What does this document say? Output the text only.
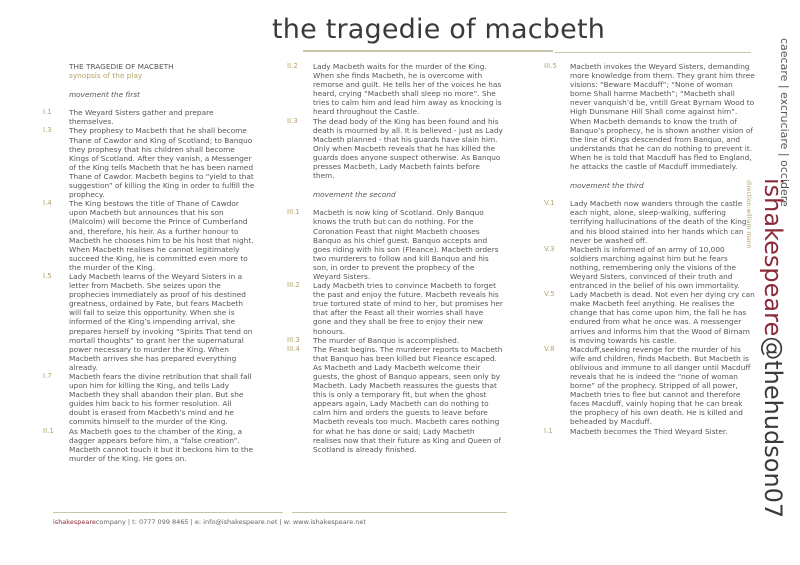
the tragedie of macbeth
THE TRAGEDIE OF MACBETH
synopsis of the play
movement the first
I.1 The Weyard Sisters gather and prepare themselves.
I.3 They prophesy to Macbeth that he shall become Thane of Cawdor and King of Scotland; to Banquo they prophesy that his children shall become Kings of Scotland. After they vanish, a Messenger of the King tells Macbeth that he has been named Thane of Cawdor. Macbeth begins to “yield to that suggestion” of killing the King in order to fulfill the prophecy.
I.4 The King bestows the title of Thane of Cawdor upon Macbeth but announces that his son (Malcolm) will become the Prince of Cumberland and, therefore, his heir. As a further honour to Macbeth he chooses him to be his host that night. When Macbeth realises he cannot legitimately succeed the King, he is committed even more to the murder of the King.
I.5 Lady Macbeth learns of the Weyard Sisters in a letter from Macbeth. She seizes upon the prophecies immediately as proof of his destined greatness, ordained by Fate, but fears Macbeth will fail to seize this opportunity. When she is informed of the King’s impending arrival, she prepares herself by invoking “Spirits That tend on mortall thoughts” to grant her the supernatural power necessary to murder the King. When Macbeth arrives she has prepared everything already.
I.7 Macbeth fears the divine retribution that shall fall upon him for killing the King, and tells Lady Macbeth they shall abandon their plan. But she guides him back to his former resolution. All doubt is erased from Macbeth’s mind and he commits himself to the murder of the King.
II.1 As Macbeth goes to the chamber of the King, a dagger appears before him, a “false creation”. Macbeth cannot touch it but it beckons him to the murder of the King. He goes on.
II.2 Lady Macbeth waits for the murder of the King. When she finds Macbeth, he is overcome with remorse and guilt. He tells her of the voices he has heard, crying “Macbeth shall sleep no more”. She tries to calm him and lead him away as knocking is heard throughout the Castle.
II.3 The dead body of the King has been found and his death is mourned by all. It is believed - just as Lady Macbeth planned - that his guards have slain him. Only when Macbeth reveals that he has killed the guards does anyone suspect otherwise. As Banquo presses Macbeth, Lady Macbeth faints before them.
movement the second
III.1 Macbeth is now king of Scotland. Only Banquo knows the truth but can do nothing. For the Coronation Feast that night Macbeth chooses Banquo as his chief guest. Banquo accepts and goes riding with his son (Fleance). Macbeth orders two murderers to follow and kill Banquo and his son, in order to prevent the prophecy of the Weyard Sisters.
III.2 Lady Macbeth tries to convince Macbeth to forget the past and enjoy the future. Macbeth reveals his true tortured state of mind to her, but promises her that after the Feast all their worries shall have gone and they shall be free to enjoy their new honours.
III.3 The murder of Banquo is accomplished.
III.4 The Feast begins. The murderer reports to Macbeth that Banquo has been killed but Fleance escaped. As Macbeth and Lady Macbeth welcome their guests, the ghost of Banquo appears, seen only by Macbeth. Lady Macbeth reassures the guests that this is only a temporary fit, but when the ghost appears again, Lady Macbeth can do nothing to calm him and orders the guests to leave before Macbeth reveals too much. Macbeth cares nothing for what he has done or said; Lady Macbeth realises now that their future as King and Queen of Scotland is already finished.
III.5 Macbeth invokes the Weyard Sisters, demanding more knowledge from them. They grant him three visions: “Beware Macduff”; “None of woman borne Shall harme Macbeth”; “Macbeth shall never vanquish’d be, vntill Great Byrnam Wood to High Dunsmane Hill Shall come against him”. When Macbeth demands to know the truth of Banquo’s prophecy, he is shown another vision of the line of Kings descended from Banquo, and understands that he can do nothing to prevent it. When he is told that Macduff has fled to England, he attacks the castle of Macduff immediately.
movement the third
V.1 Lady Macbeth now wanders through the castle each night, alone, sleep-walking, suffering terrifying hallucinations of the death of the King and his blood stained into her hands which can never be washed off.
V.3 Macbeth is informed of an army of 10,000 soldiers marching against him but he fears nothing, remembering only the visions of the Weyard Sisters, convinced of their truth and entranced in the belief of his own immortality.
V.5 Lady Macbeth is dead. Not even her dying cry can make Macbeth feel anything. He realises the change that has come upon him, the fall he has endured from what he once was. A messenger arrives and informs him that the Wood of Birnam is moving towards his castle.
V.8 Macduff,seeking revenge for the murder of his wife and children, finds Macbeth. But Macbeth is oblivious and immune to all danger until Macduff reveals that he is indeed the “none of woman borne” of the prophecy. Stripped of all power, Macbeth tries to flee but cannot and therefore faces Macduff, vainly hoping that he can break the prophecy of his own death. He is killed and beheaded by Macduff.
I.1 Macbeth becomes the Third Weyard Sister.
caecare | excruciare | occidere
ishakespeare@thehudson07
direction:william mann
ishakespearecompany | t: 0777 099 8465 | e: info@ishakespeare.net | w: www.ishakespeare.net
